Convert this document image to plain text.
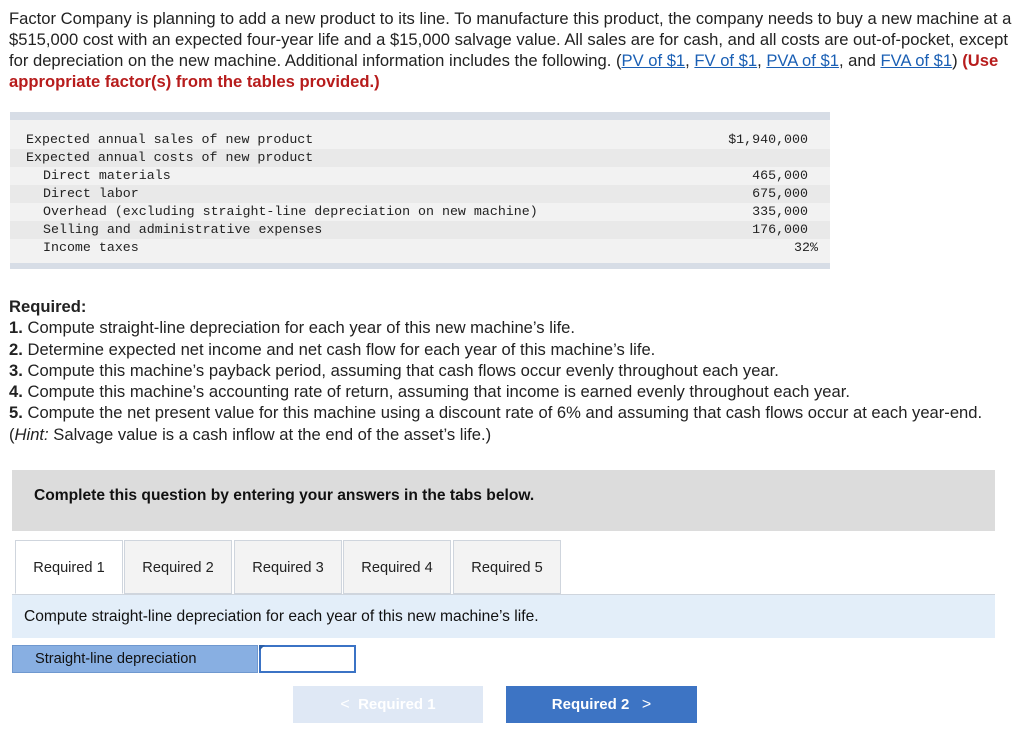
Factor Company is planning to add a new product to its line. To manufacture this product, the company needs to buy a new machine at a $515,000 cost with an expected four-year life and a $15,000 salvage value. All sales are for cash, and all costs are out-of-pocket, except for depreciation on the new machine. Additional information includes the following. (PV of $1, FV of $1, PVA of $1, and FVA of $1) (Use appropriate factor(s) from the tables provided.)
Expected annual sales of new product	$1,940,000
Expected annual costs of new product
Direct materials	465,000
Direct labor	675,000
Overhead (excluding straight-line depreciation on new machine)	335,000
Selling and administrative expenses	176,000
Income taxes	32%
Required:
1. Compute straight-line depreciation for each year of this new machine’s life.
2. Determine expected net income and net cash flow for each year of this machine’s life.
3. Compute this machine’s payback period, assuming that cash flows occur evenly throughout each year.
4. Compute this machine’s accounting rate of return, assuming that income is earned evenly throughout each year.
5. Compute the net present value for this machine using a discount rate of 6% and assuming that cash flows occur at each year-end. (Hint: Salvage value is a cash inflow at the end of the asset’s life.)
Complete this question by entering your answers in the tabs below.
Required 1	Required 2	Required 3	Required 4	Required 5
Compute straight-line depreciation for each year of this new machine’s life.
Straight-line depreciation
< Required 1	Required 2 >
